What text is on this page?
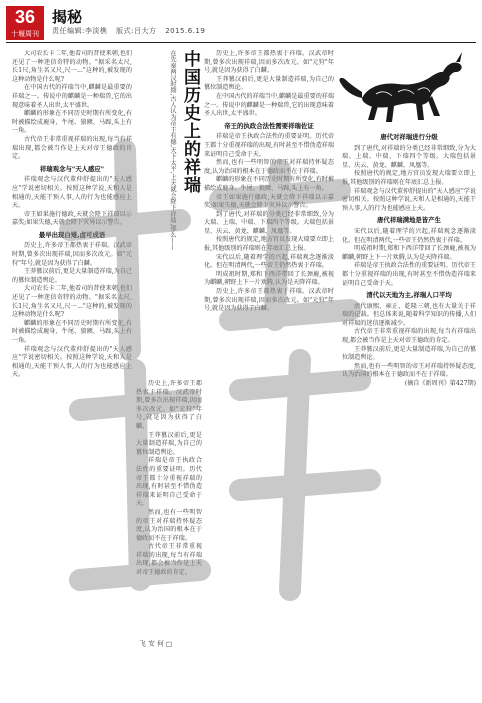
36
十堰周刊
揭秘
责任编辑:李淡樵 版式:吕大方 2015.6.19

大司农长卡二年,他看司的昔使来朝,也们还见了一种迷信奇特的动物。"据采名太尺,长1尺,角生名又尺,尺一..."这种的,被发现的这种动物是什么呢?

在中国古代的祥瑞当中,麒麟是最重要的祥瑞之一。传说中的麒麟是一种瑞兽,它的出现意味着圣人出世,太平盛世。

麒麟的形象在不同历史时期有所变化,有时被描绘成鹿身、牛尾、狼额、马蹄,头上有一角。

古代帝王非常重视祥瑞的出现,每当有祥瑞出现,都会被当作是上天对帝王德政的肯定。

祥瑞观念与"天人感应"

祥瑞观念与汉代董仲舒提出的"天人感应"学说密切相关。按照这种学说,天和人是相通的,天能干预人事,人的行为也能感应上天。

帝王如果施行德政,天就会降下祥瑞以示嘉奖;如果失德,天就会降下灾异以示警告。

最早出现白雉,卤可成语

历史上,许多帝王都热衷于祥瑞。汉武帝时期,曾多次出现祥瑞,因而多次改元。如"元狩"年号,就是因为获得了白麟。

王莽篡汉前后,更是大量制造祥瑞,为自己的篡位制造舆论。

大司农长卡二年,他看司的昔使来朝,也们还见了一种迷信奇特的动物。"据采名太尺,长1尺,角生名又尺,尺一..."这种的,被发现的这种动物是什么呢?

麒麟的形象在不同历史时期有所变化,有时被描绘成鹿身、牛尾、狼额、马蹄,头上有一角。

祥瑞观念与汉代董仲舒提出的"天人感应"学说密切相关。按照这种学说,天和人是相通的,天能干预人事,人的行为也能感应上天。

中国历史上的祥瑞
在先秦两汉时期,古人认为帝王有德,天下太平,上天就会降下祥瑞,那么——
□何安飞

历史上,许多帝王都热衷于祥瑞。汉武帝时期,曾多次出现祥瑞,因而多次改元。如"元狩"年号,就是因为获得了白麟。

王莽篡汉前后,更是大量制造祥瑞,为自己的篡位制造舆论。

祥瑞是帝王执政合法性的重要证明。历代帝王都十分重视祥瑞的出现,有时甚至不惜伪造祥瑞来证明自己受命于天。

然而,也有一些明智的帝王对祥瑞持怀疑态度,认为治国的根本在于德政而不在于祥瑞。

古代帝王非常重视祥瑞的出现,每当有祥瑞出现,都会被当作是上天对帝王德政的肯定。

历史上,许多帝王都热衷于祥瑞。汉武帝时期,曾多次出现祥瑞,因而多次改元。如"元狩"年号,就是因为获得了白麟。

王莽篡汉前后,更是大量制造祥瑞,为自己的篡位制造舆论。

在中国古代的祥瑞当中,麒麟是最重要的祥瑞之一。传说中的麒麟是一种瑞兽,它的出现意味着圣人出世,太平盛世。

帝王的执政合法性需要祥瑞佐证

祥瑞是帝王执政合法性的重要证明。历代帝王都十分重视祥瑞的出现,有时甚至不惜伪造祥瑞来证明自己受命于天。

然而,也有一些明智的帝王对祥瑞持怀疑态度,认为治国的根本在于德政而不在于祥瑞。

麒麟的形象在不同历史时期有所变化,有时被描绘成鹿身、牛尾、狼额、马蹄,头上有一角。

帝王如果施行德政,天就会降下祥瑞以示嘉奖;如果失德,天就会降下灾异以示警告。

到了唐代,对祥瑞的分类已经非常细致,分为大瑞、上瑞、中瑞、下瑞四个等级。大瑞包括景星、庆云、黄龙、麒麟、凤凰等。

按照唐代的规定,地方官员发现大瑞要立即上报,其他级别的祥瑞则在年底汇总上报。

宋代以后,随着理学的兴起,祥瑞观念逐渐淡化。但在明清两代,一些帝王仍然热衷于祥瑞。

明成祖时期,郑和下西洋带回了长颈鹿,被视为麒麟,朝野上下一片欢腾,认为是天降祥瑞。

历史上,许多帝王都热衷于祥瑞。汉武帝时期,曾多次出现祥瑞,因而多次改元。如"元狩"年号,就是因为获得了白麟。

唐代对祥瑞进行分级

到了唐代,对祥瑞的分类已经非常细致,分为大瑞、上瑞、中瑞、下瑞四个等级。大瑞包括景星、庆云、黄龙、麒麟、凤凰等。

按照唐代的规定,地方官员发现大瑞要立即上报,其他级别的祥瑞则在年底汇总上报。

祥瑞观念与汉代董仲舒提出的"天人感应"学说密切相关。按照这种学说,天和人是相通的,天能干预人事,人的行为也能感应上天。

唐代祥瑞满地是皆产生

宋代以后,随着理学的兴起,祥瑞观念逐渐淡化。但在明清两代,一些帝王仍然热衷于祥瑞。

明成祖时期,郑和下西洋带回了长颈鹿,被视为麒麟,朝野上下一片欢腾,认为是天降祥瑞。

祥瑞是帝王执政合法性的重要证明。历代帝王都十分重视祥瑞的出现,有时甚至不惜伪造祥瑞来证明自己受命于天。

清代以天地为主,祥瑞人口平均

清代康熙、雍正、乾隆三朝,也有大量关于祥瑞的记载。但总体来说,随着科学知识的传播,人们对祥瑞的迷信逐渐减少。

古代帝王非常重视祥瑞的出现,每当有祥瑞出现,都会被当作是上天对帝王德政的肯定。

王莽篡汉前后,更是大量制造祥瑞,为自己的篡位制造舆论。

然而,也有一些明智的帝王对祥瑞持怀疑态度,认为治国的根本在于德政而不在于祥瑞。

(摘自《新周刊》第427期)
